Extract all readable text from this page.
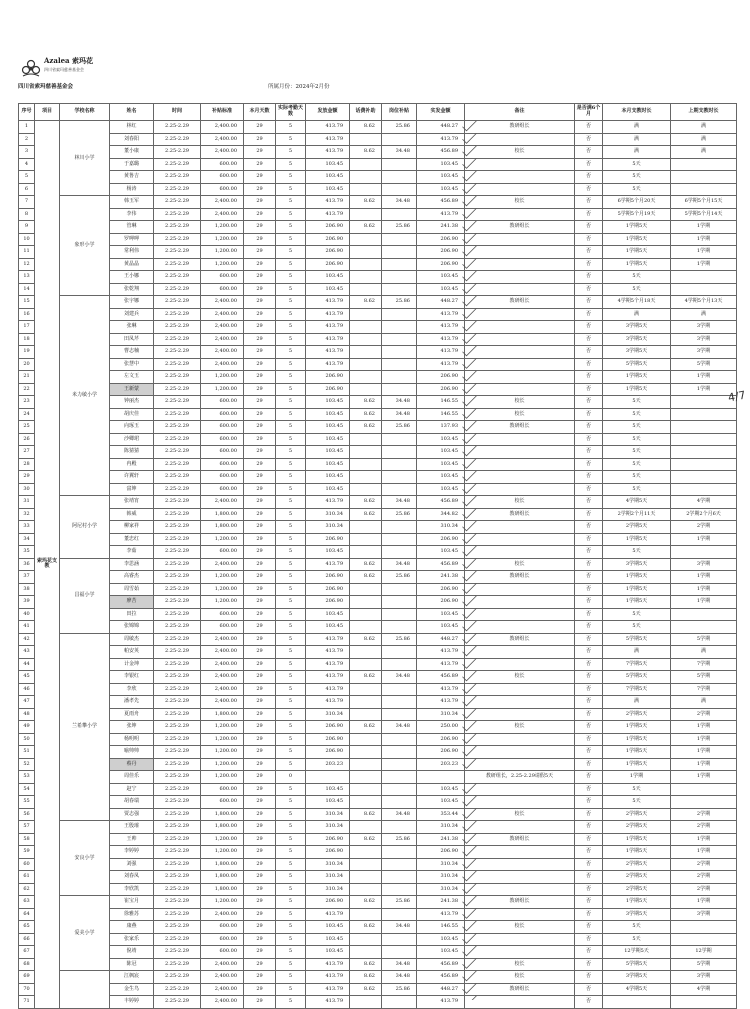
Azalea 索玛花
四川省索玛慈善基金会
四川省索玛慈善基金会	所属月份：2024年2月份
序号	项目	学校名称	姓名	时间	补贴标准	本月天数	实际考勤天数	发放金额	话费补助	岗位补贴	实发金额	备注	是否满6个月	本月支教时长	上期支教时长
1	索玛花支教	林川小学	林红	2.25-2.29	2,400.00	29	5	413.79	8.62	25.86	448.27	教研组长	否	满	满
2			刘春阳	2.25-2.29	2,400.00	29	5	413.79			413.79		否	满	满
3			董小康	2.25-2.29	2,400.00	29	5	413.79	8.62	34.48	456.89	校长	否	满	满
4			于嘉璐	2.25-2.29	600.00	29	5	103.45			103.45		否	5天	
5			黄鲁吉	2.25-2.29	600.00	29	5	103.45			103.45		否	5天	
6			杨涛	2.25-2.29	600.00	29	5	103.45			103.45		否	5天	
7		象形小学	韩玉军	2.25-2.29	2,400.00	29	5	413.79	8.62	34.48	456.89	校长	否	6学期5个月20天	6学期5个月15天
8			李伟	2.25-2.29	2,400.00	29	5	413.79			413.79		否	5学期5个月19天	5学期5个月14天
9			管琳	2.25-2.29	1,200.00	29	5	206.90	8.62	25.86	241.38	教研组长	否	1学期5天	1学期
10			罗呷呷	2.25-2.29	1,200.00	29	5	206.90			206.90		否	1学期5天	1学期
11			常利伟	2.25-2.29	1,200.00	29	5	206.90			206.90		否	1学期5天	1学期
12			黄晶晶	2.25-2.29	1,200.00	29	5	206.90			206.90		否	1学期5天	1学期
13			王小娜	2.25-2.29	600.00	29	5	103.45			103.45		否	5天	
14			张乾翔	2.25-2.29	600.00	29	5	103.45			103.45		否	5天	
15		米力敏小学	张宇娜	2.25-2.29	2,400.00	29	5	413.79	8.62	25.86	448.27	教研组长	否	4学期5个月18天	4学期5个月13天
16			刘建兵	2.25-2.29	2,400.00	29	5	413.79			413.79		否	满	满
17			张琳	2.25-2.29	2,400.00	29	5	413.79			413.79		否	3学期5天	3学期
18			田凤芹	2.25-2.29	2,400.00	29	5	413.79			413.79		否	3学期5天	3学期
19			曹志楠	2.25-2.29	2,400.00	29	5	413.79			413.79		否	3学期5天	3学期
20			张慧中	2.25-2.29	2,400.00	29	5	413.79			413.79		否	5学期5天	5学期
21			左文玉	2.25-2.29	1,200.00	29	5	206.90			206.90		否	1学期5天	1学期
22			王新蒙	2.25-2.29	1,200.00	29	5	206.90			206.90		否	1学期5天	1学期
23			钟丽杰	2.25-2.29	600.00	29	5	103.45	8.62	34.48	146.55	校长	否	5天	
24			胡庆佳	2.25-2.29	600.00	29	5	103.45	8.62	34.48	146.55	校长	否	5天	
25			向琢玉	2.25-2.29	600.00	29	5	103.45	8.62	25.86	137.93	教研组长	否	5天	
26			沙卿珺	2.25-2.29	600.00	29	5	103.45			103.45		否	5天	
27			陈猜猜	2.25-2.29	600.00	29	5	103.45			103.45		否	5天	
28			冉殿	2.25-2.29	600.00	29	5	103.45			103.45		否	5天	
29			许翼轩	2.25-2.29	600.00	29	5	103.45			103.45		否	5天	
30			富坤	2.25-2.29	600.00	29	5	103.45			103.45		否	5天	
31		阿尼村小学	张靖宵	2.25-2.29	2,400.00	29	5	413.79	8.62	34.48	456.89	校长	否	4学期5天	4学期
32			韩威	2.25-2.29	1,800.00	29	5	310.34	8.62	25.86	344.82	教研组长	否	2学期2个月11天	2学期2个月6天
33			柳家祥	2.25-2.29	1,800.00	29	5	310.34			310.34		否	2学期5天	2学期
34			董忠红	2.25-2.29	1,200.00	29	5	206.90			206.90		否	1学期5天	1学期
35			李茹	2.25-2.29	600.00	29	5	103.45			103.45		否	5天	
36		昌福小学	李思涵	2.25-2.29	2,400.00	29	5	413.79	8.62	34.48	456.89	校长	否	3学期5天	3学期
37			高睿杰	2.25-2.29	1,200.00	29	5	206.90	8.62	25.86	241.38	教研组长	否	1学期5天	1学期
38			周雪茹	2.25-2.29	1,200.00	29	5	206.90			206.90		否	1学期5天	1学期
39			廖苦	2.25-2.29	1,200.00	29	5	206.90			206.90		否	1学期5天	1学期
40			田拉	2.25-2.29	600.00	29	5	103.45			103.45		否	5天	
41			张锦锦	2.25-2.29	600.00	29	5	103.45			103.45		否	5天	
42		兰希攀小学	周敏杰	2.25-2.29	2,400.00	29	5	413.79	8.62	25.86	448.27	教研组长	否	5学期5天	5学期
43			帕安英	2.25-2.29	2,400.00	29	5	413.79			413.79		否	满	满
44			计金坤	2.25-2.29	2,400.00	29	5	413.79			413.79		否	7学期5天	7学期
45			李银红	2.25-2.29	2,400.00	29	5	413.79	8.62	34.48	456.89	校长	否	5学期5天	5学期
46			李欣	2.25-2.29	2,400.00	29	5	413.79			413.79		否	7学期5天	7学期
47			潘孝先	2.25-2.29	2,400.00	29	5	413.79			413.79		否	满	满
48			夏雨舟	2.25-2.29	1,800.00	29	5	310.34			310.34		否	2学期5天	2学期
49			张坤	2.25-2.29	1,200.00	29	5	206.90	8.62	34.48	250.00	校长	否	1学期5天	1学期
50			杨明明	2.25-2.29	1,200.00	29	5	206.90			206.90		否	1学期5天	1学期
51			喻帅帅	2.25-2.29	1,200.00	29	5	206.90			206.90		否	1学期5天	1学期
52			蔡丹	2.25-2.29	1,200.00	29	5	203.23			203.23		否	1学期5天	1学期
53			周佳乐	2.25-2.29	1,200.00	29	0					教研组长，2.25-2.29请假5天	否	1学期	1学期
54			赵宁	2.25-2.29	600.00	29	5	103.45			103.45		否	5天	
55			胡春瑞	2.25-2.29	600.00	29	5	103.45			103.45		否	5天	
56			贾志强	2.25-2.29	1,800.00	29	5	310.34	8.62	34.48	353.44	校长	否	2学期5天	2学期
57		安良小学	王殷璀	2.25-2.29	1,800.00	29	5	310.34			310.34		否	2学期5天	2学期
58			王帅	2.25-2.29	1,200.00	29	5	206.90	8.62	25.86	241.38	教研组长	否	1学期5天	1学期
59			李婷婷	2.25-2.29	1,200.00	29	5	206.90			206.90		否	1学期5天	1学期
60			刘强	2.25-2.29	1,800.00	29	5	310.34			310.34		否	2学期5天	2学期
61			刘春凤	2.25-2.29	1,800.00	29	5	310.34			310.34		否	2学期5天	2学期
62			李欣凯	2.25-2.29	1,800.00	29	5	310.34			310.34		否	2学期5天	2学期
63		爱美小学	崔宝月	2.25-2.29	1,200.00	29	5	206.90	8.62	25.86	241.38	教研组长	否	1学期5天	1学期
64			徐雅苏	2.25-2.29	2,400.00	29	5	413.79			413.79		否	3学期5天	3学期
65			康燕	2.25-2.29	600.00	29	5	103.45	8.62	34.48	146.55	校长	否	5天	
66			张家乐	2.25-2.29	600.00	29	5	103.45			103.45		否	5天	
67			倪靖	2.25-2.29	600.00	29	5	103.45			103.45		否	12学期5天	12学期
68			陈冠	2.25-2.29	2,400.00	29	5	413.79	8.62	34.48	456.89	校长	否	5学期5天	5学期
69			江枫宸	2.25-2.29	2,400.00	29	5	413.79	8.62	34.48	456.89	校长	否	3学期5天	3学期
70			金生鸟	2.25-2.29	2,400.00	29	5	413.79	8.62	25.86	448.27	教研组长	否	4学期5天	4学期
71			丰婷婷	2.25-2.29	2,400.00	29	5	413.79			413.79		否		
4/7
